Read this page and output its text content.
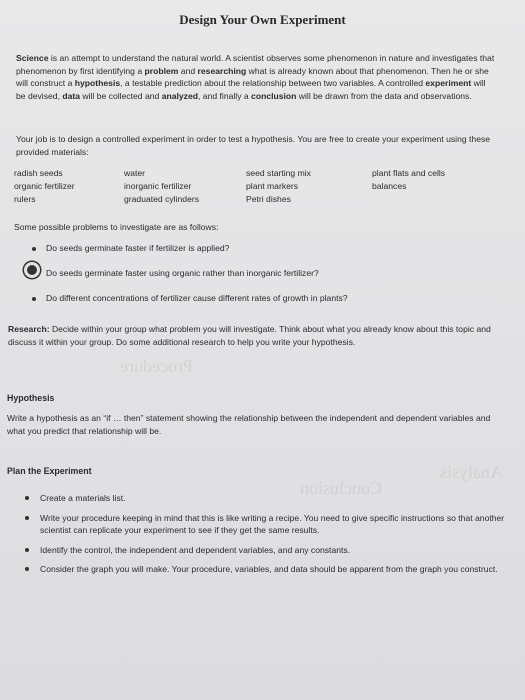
Procedure
Conclusion
Analysis
Design Your Own Experiment

Science is an attempt to understand the natural world. A scientist observes some phenomenon in nature and investigates that phenomenon by first identifying a problem and researching what is already known about that phenomenon. Then he or she will construct a hypothesis, a testable prediction about the relationship between two variables. A controlled experiment will be devised, data will be collected and analyzed, and finally a conclusion will be drawn from the data and observations.

Your job is to design a controlled experiment in order to test a hypothesis. You are free to create your experiment using these provided materials:

radish seeds
organic fertilizer
rulers
water
inorganic fertilizer
graduated cylinders
seed starting mix
plant markers
Petri dishes
plant flats and cells
balances
Some possible problems to investigate are as follows:
Do seeds germinate faster if fertilizer is applied?
Do seeds germinate faster using organic rather than inorganic fertilizer?
Do different concentrations of fertilizer cause different rates of growth in plants?

Research: Decide within your group what problem you will investigate. Think about what you already know about this topic and discuss it within your group. Do some additional research to help you write your hypothesis.

Hypothesis

Write a hypothesis as an “if … then” statement showing the relationship between the independent and dependent variables and what you predict that relationship will be.

Plan the Experiment
Create a materials list.
Write your procedure keeping in mind that this is like writing a recipe. You need to give specific instructions so that another scientist can replicate your experiment to see if they get the same results.
Identify the control, the independent and dependent variables, and any constants.
Consider the graph you will make. Your procedure, variables, and data should be apparent from the graph you construct.
